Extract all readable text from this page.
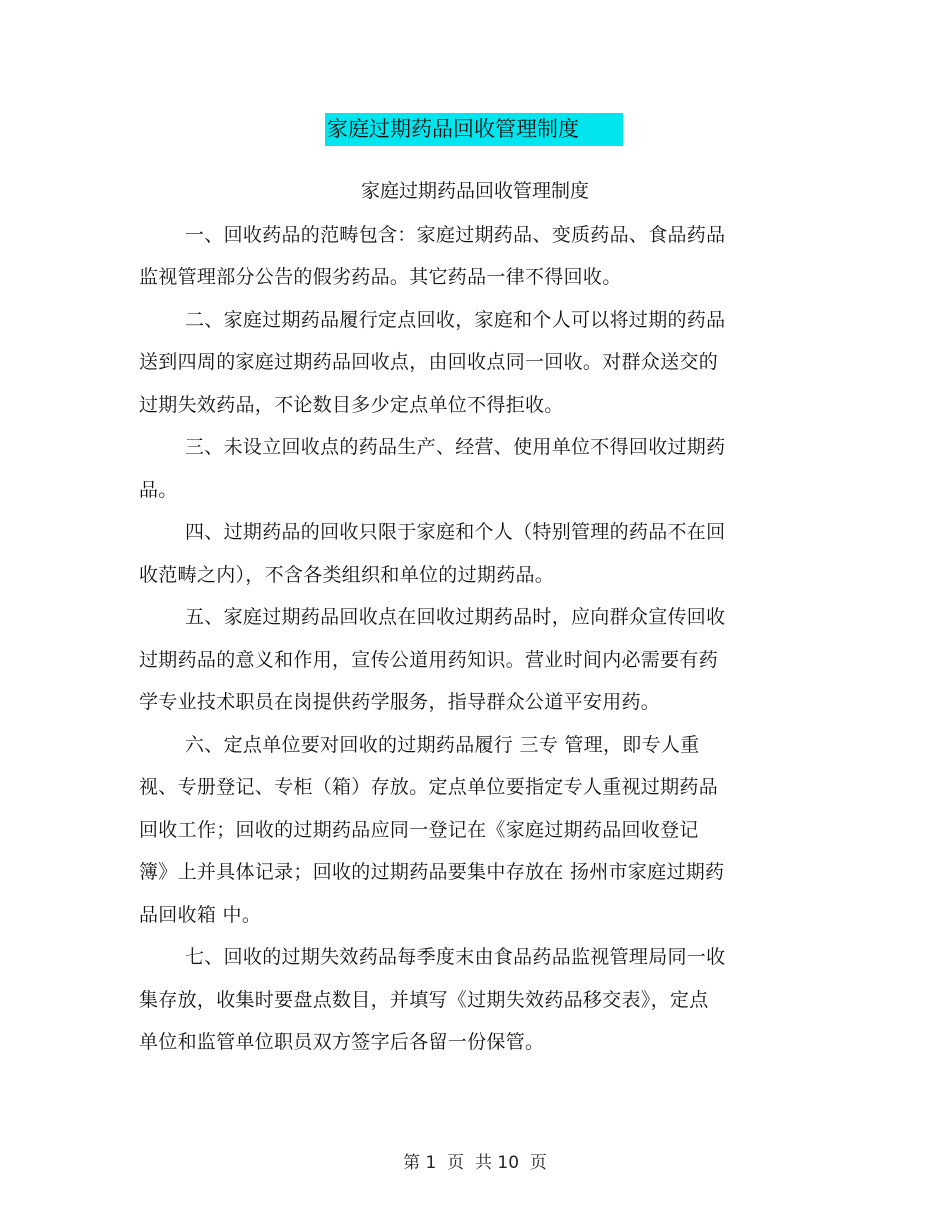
家庭过期药品回收管理制度
家庭过期药品回收管理制度
一、回收药品的范畴包含：家庭过期药品、变质药品、食品药品
监视管理部分公告的假劣药品。其它药品一律不得回收。
二、家庭过期药品履行定点回收，家庭和个人可以将过期的药品
送到四周的家庭过期药品回收点，由回收点同一回收。对群众送交的
过期失效药品，不论数目多少定点单位不得拒收。
三、未设立回收点的药品生产、经营、使用单位不得回收过期药
品。
四、过期药品的回收只限于家庭和个人（特别管理的药品不在回
收范畴之内），不含各类组织和单位的过期药品。
五、家庭过期药品回收点在回收过期药品时，应向群众宣传回收
过期药品的意义和作用，宣传公道用药知识。营业时间内必需要有药
学专业技术职员在岗提供药学服务，指导群众公道平安用药。
六、定点单位要对回收的过期药品履行 三专 管理，即专人重
视、专册登记、专柜（箱）存放。定点单位要指定专人重视过期药品
回收工作；回收的过期药品应同一登记在《家庭过期药品回收登记
簿》上并具体记录；回收的过期药品要集中存放在 扬州市家庭过期药
品回收箱 中。
七、回收的过期失效药品每季度末由食品药品监视管理局同一收
集存放，收集时要盘点数目，并填写《过期失效药品移交表》，定点
单位和监管单位职员双方签字后各留一份保管。
第 1  页  共 10  页
